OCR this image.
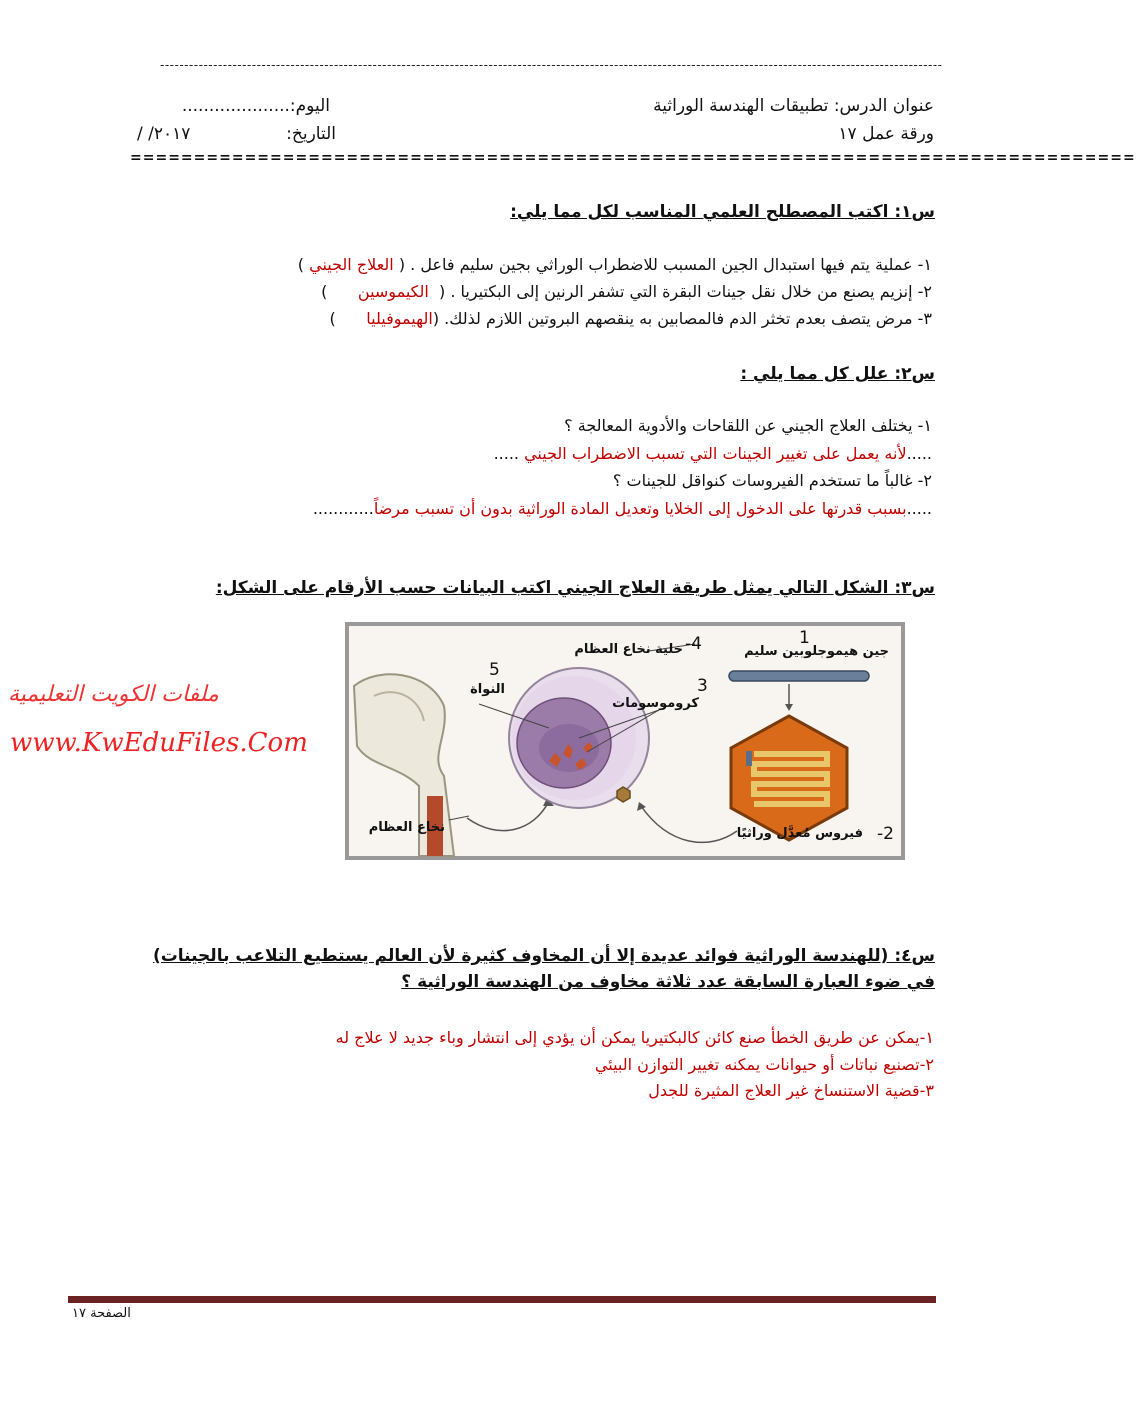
------------------------------------------------------------------------------------------------------------------------------------------------------------------
عنوان الدرس: تطبيقات الهندسة الوراثية
اليوم:....................
ورقة عمل ١٧
التاريخ:
/ /٢٠١٧
===============================================================================
س١: اكتب المصطلح العلمي المناسب لكل مما يلي:
١- عملية يتم فيها استبدال الجين المسبب للاضطراب الوراثي بجين سليم فاعل . ( العلاج الجيني )
٢- إنزيم يصنع من خلال نقل جينات البقرة التي تشفر الرنين إلى البكتيريا . (  الكيموسين      )
٣- مرض يتصف بعدم تخثر الدم فالمصابين به ينقصهم البروتين اللازم لذلك. (الهيموفيليا      )
س٢: علل كل مما يلي :
١- يختلف العلاج الجيني عن اللقاحات والأدوية المعالجة ؟
.....لأنه يعمل على تغيير الجينات التي تسبب الاضطراب الجيني .....
٢- غالباً ما تستخدم الفيروسات كنواقل للجينات ؟
.....بسبب قدرتها على الدخول إلى الخلايا وتعديل المادة الوراثية بدون أن تسبب مرضاً............
س٣: الشكل التالي يمثل طريقة العلاج الجيني اكتب البيانات حسب الأرقام على الشكل:
جين هيموجلوبين سليم
1
خلية نخاع العظام -4
5
النواة	3
كروموسومات
فيروس مُعدَّل وراثيًا -2
نخاع العظام
ملفات الكويت التعليمية
www.KwEduFiles.Com
س٤: (للهندسة الوراثية فوائد عديدة إلا أن المخاوف كثيرة لأن العالم يستطيع التلاعب بالجينات)
في ضوء العبارة السابقة عدد ثلاثة مخاوف من الهندسة الوراثية ؟
١-يمكن عن طريق الخطأ صنع كائن كالبكتيريا يمكن أن يؤدي إلى انتشار وباء جديد لا علاج له
٢-تصنيع نباتات أو حيوانات يمكنه تغيير التوازن البيئي
٣-قضية الاستنساخ غير العلاج المثيرة للجدل
الصفحة ١٧
